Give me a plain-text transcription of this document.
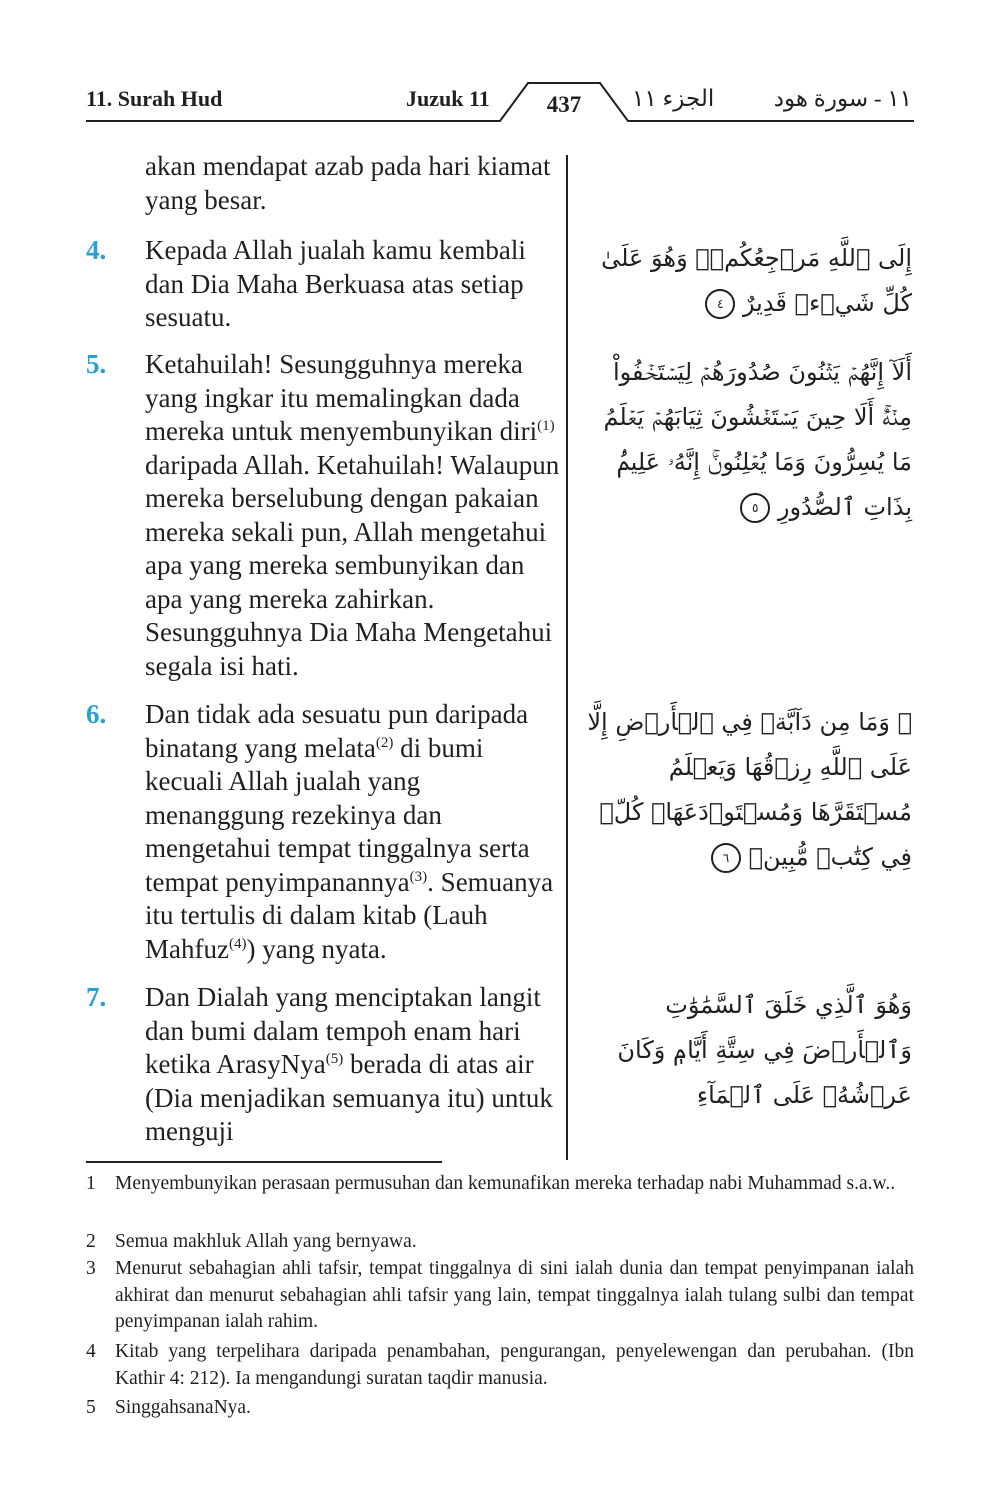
11. Surah Hud	Juzuk 11	437	الجزء ١١	١١ - سورة هود
akan mendapat azab pada hari kiamat yang besar.
4. Kepada Allah jualah kamu kembali dan Dia Maha Berkuasa atas setiap sesuatu.
إِلَى ٱللَّهِ مَرۡجِعُكُمۡۖ وَهُوَ عَلَىٰ كُلِّ شَيۡءٖ قَدِيرٌ ٤
5. Ketahuilah! Sesungguhnya mereka yang ingkar itu memalingkan dada mereka untuk menyembunyikan diri$^{(1)}$ daripada Allah. Ketahuilah! Walaupun mereka berselubung dengan pakaian mereka sekali pun, Allah mengetahui apa yang mereka sembunyikan dan apa yang mereka zahirkan. Sesungguhnya Dia Maha Mengetahui segala isi hati.
أَلَآ إِنَّهُمۡ يَثۡنُونَ صُدُورَهُمۡ لِيَسۡتَخۡفُواْ مِنۡهُۚ أَلَا حِينَ يَسۡتَغۡشُونَ ثِيَابَهُمۡ يَعۡلَمُ مَا يُسِرُّونَ وَمَا يُعۡلِنُونَۚ إِنَّهُۥ عَلِيمُۢ بِذَاتِ ٱلصُّدُورِ ٥
6. Dan tidak ada sesuatu pun daripada binatang yang melata$^{(2)}$ di bumi kecuali Allah jualah yang menanggung rezekinya dan mengetahui tempat tinggalnya serta tempat penyimpanannya$^{(3)}$. Semuanya itu tertulis di dalam kitab (Lauh Mahfuz$^{(4)}$) yang nyata.
۞ وَمَا مِن دَآبَّةٖ فِي ٱلۡأَرۡضِ إِلَّا عَلَى ٱللَّهِ رِزۡقُهَا وَيَعۡلَمُ مُسۡتَقَرَّهَا وَمُسۡتَوۡدَعَهَاۚ كُلّٞ فِي كِتَٰبٖ مُّبِينٖ ٦
7. Dan Dialah yang menciptakan langit dan bumi dalam tempoh enam hari ketika ArasyNya$^{(5)}$ berada di atas air (Dia menjadikan semuanya itu) untuk menguji
وَهُوَ ٱلَّذِي خَلَقَ ٱلسَّمَٰوَٰتِ وَٱلۡأَرۡضَ فِي سِتَّةِ أَيَّامٖ وَكَانَ عَرۡشُهُۥ عَلَى ٱلۡمَآءِ
1 Menyembunyikan perasaan permusuhan dan kemunafikan mereka terhadap nabi Muhammad s.a.w..
2 Semua makhluk Allah yang bernyawa.
3 Menurut sebahagian ahli tafsir, tempat tinggalnya di sini ialah dunia dan tempat penyimpanan ialah akhirat dan menurut sebahagian ahli tafsir yang lain, tempat tinggalnya ialah tulang sulbi dan tempat penyimpanan ialah rahim.
4 Kitab yang terpelihara daripada penambahan, pengurangan, penyelewengan dan perubahan. (Ibn Kathir 4: 212). Ia mengandungi suratan taqdir manusia.
5 SinggahsanaNya.
